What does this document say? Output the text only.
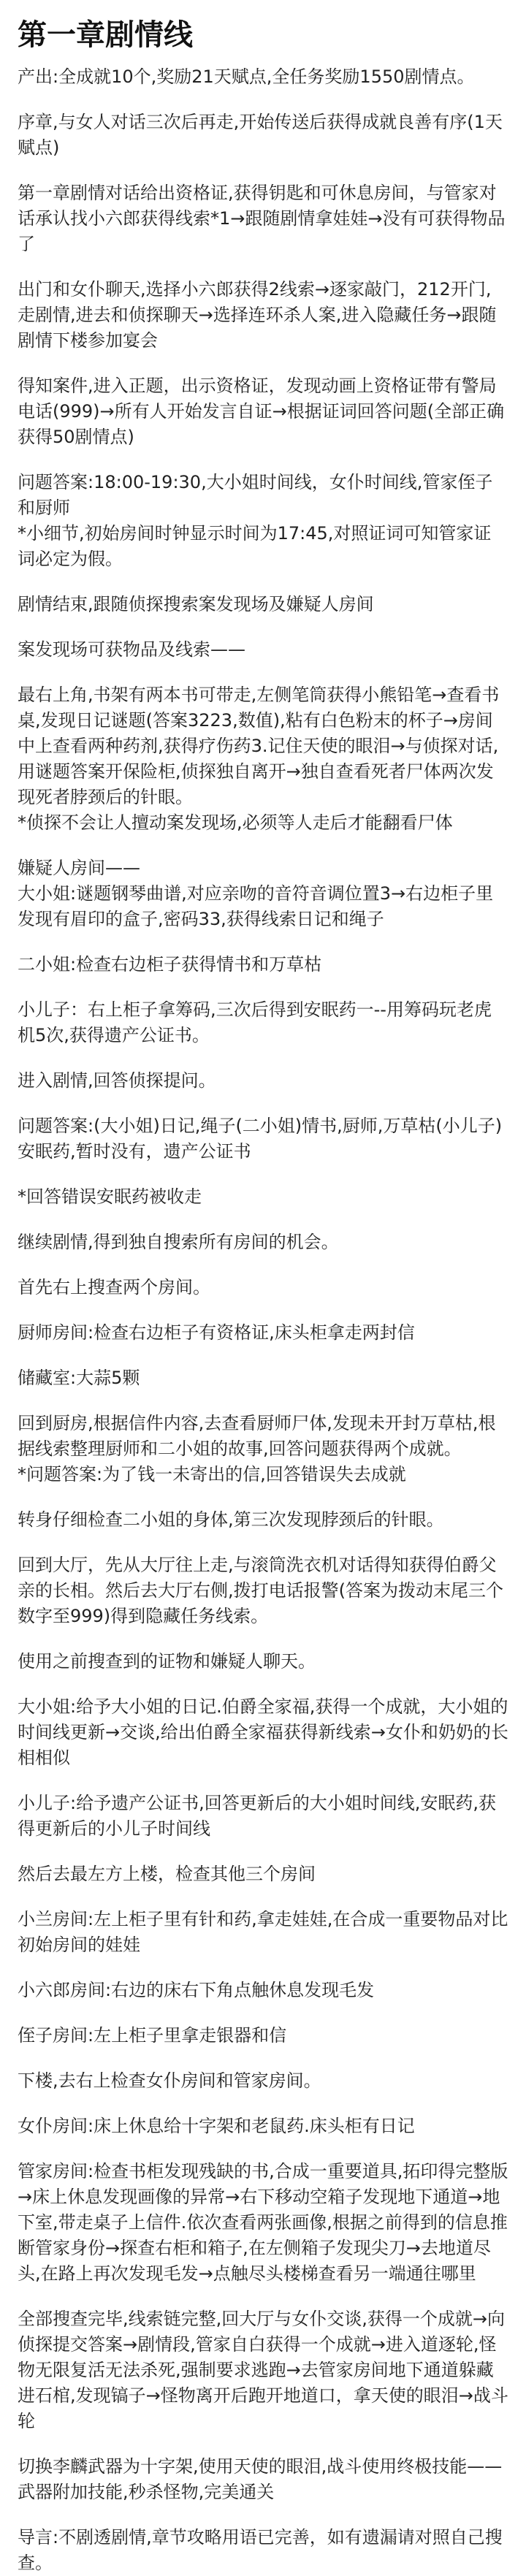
第一章剧情线
产出:全成就10个,奖励21天赋点,全任务奖励1550剧情点。
序章,与女人对话三次后再走,开始传送后获得成就良善有序(1天赋点)
第一章剧情对话给出资格证,获得钥匙和可休息房间，与管家对话承认找小六郎获得线索*1→跟随剧情拿娃娃→没有可获得物品了
出门和女仆聊天,选择小六郎获得2线索→逐家敲门，212开门,走剧情,进去和侦探聊天→选择连环杀人案,进入隐藏任务→跟随剧情下楼参加宴会
得知案件,进入正题，出示资格证，发现动画上资格证带有警局电话(999)→所有人开始发言自证→根据证词回答问题(全部正确获得50剧情点)
问题答案:18:00-19:30,大小姐时间线，女仆时间线,管家侄子和厨师
*小细节,初始房间时钟显示时间为17:45,对照证词可知管家证词必定为假。
剧情结束,跟随侦探搜索案发现场及嫌疑人房间
案发现场可获物品及线索——
最右上角,书架有两本书可带走,左侧笔筒获得小熊铅笔→查看书桌,发现日记谜题(答案3223,数值),粘有白色粉末的杯子→房间中上查看两种药剂,获得疗伤药3.记住天使的眼泪→与侦探对话,用谜题答案开保险柜,侦探独自离开→独自查看死者尸体两次发现死者脖颈后的针眼。
*侦探不会让人擅动案发现场,必须等人走后才能翻看尸体
嫌疑人房间——
大小姐:谜题钢琴曲谱,对应亲吻的音符音调位置3→右边柜子里发现有眉印的盒子,密码33,获得线索日记和绳子
二小姐:检查右边柜子获得情书和万草枯
小儿子：右上柜子拿筹码,三次后得到安眠药一--用筹码玩老虎机5次,获得遗产公证书。
进入剧情,回答侦探提问。
问题答案:(大小姐)日记,绳子(二小姐)情书,厨师,万草枯(小儿子)安眠药,暂时没有，遗产公证书
*回答错误安眠药被收走
继续剧情,得到独自搜索所有房间的机会。
首先右上搜查两个房间。
厨师房间:检查右边柜子有资格证,床头柜拿走两封信
储藏室:大蒜5颗
回到厨房,根据信件内容,去查看厨师尸体,发现未开封万草枯,根据线索整理厨师和二小姐的故事,回答问题获得两个成就。
*问题答案:为了钱一未寄出的信,回答错误失去成就
转身仔细检查二小姐的身体,第三次发现脖颈后的针眼。
回到大厅，先从大厅往上走,与滚筒洗衣机对话得知获得伯爵父亲的长相。然后去大厅右侧,拨打电话报警(答案为拨动末尾三个数字至999)得到隐藏任务线索。
使用之前搜查到的证物和嫌疑人聊天。
大小姐:给予大小姐的日记.伯爵全家福,获得一个成就，大小姐的时间线更新→交谈,给出伯爵全家福获得新线索→女仆和奶奶的长相相似
小儿子:给予遗产公证书,回答更新后的大小姐时间线,安眠药,获得更新后的小儿子时间线
然后去最左方上楼，检查其他三个房间
小兰房间:左上柜子里有针和药,拿走娃娃,在合成一重要物品对比初始房间的娃娃
小六郎房间:右边的床右下角点触休息发现毛发
侄子房间:左上柜子里拿走银器和信
下楼,去右上检查女仆房间和管家房间。
女仆房间:床上休息给十字架和老鼠药.床头柜有日记
管家房间:检查书柜发现残缺的书,合成一重要道具,拓印得完整版→床上休息发现画像的异常→右下移动空箱子发现地下通道→地下室,带走桌子上信件.依次查看两张画像,根据之前得到的信息推断管家身份→探查右柜和箱子,在左侧箱子发现尖刀→去地道尽头,在路上再次发现毛发→点触尽头楼梯查看另一端通往哪里
全部搜查完毕,线索链完整,回大厅与女仆交谈,获得一个成就→向侦探提交答案→剧情段,管家自白获得一个成就→进入道逐轮,怪物无限复活无法杀死,强制要求逃跑→去管家房间地下通道躲藏进石棺,发现镐子→怪物离开后跑开地道口，拿天使的眼泪→战斗轮
切换李麟武器为十字架,使用天使的眼泪,战斗使用终极技能——武器附加技能,秒杀怪物,完美通关
导言:不剧透剧情,章节攻略用语已完善，如有遗漏请对照自己搜查。
